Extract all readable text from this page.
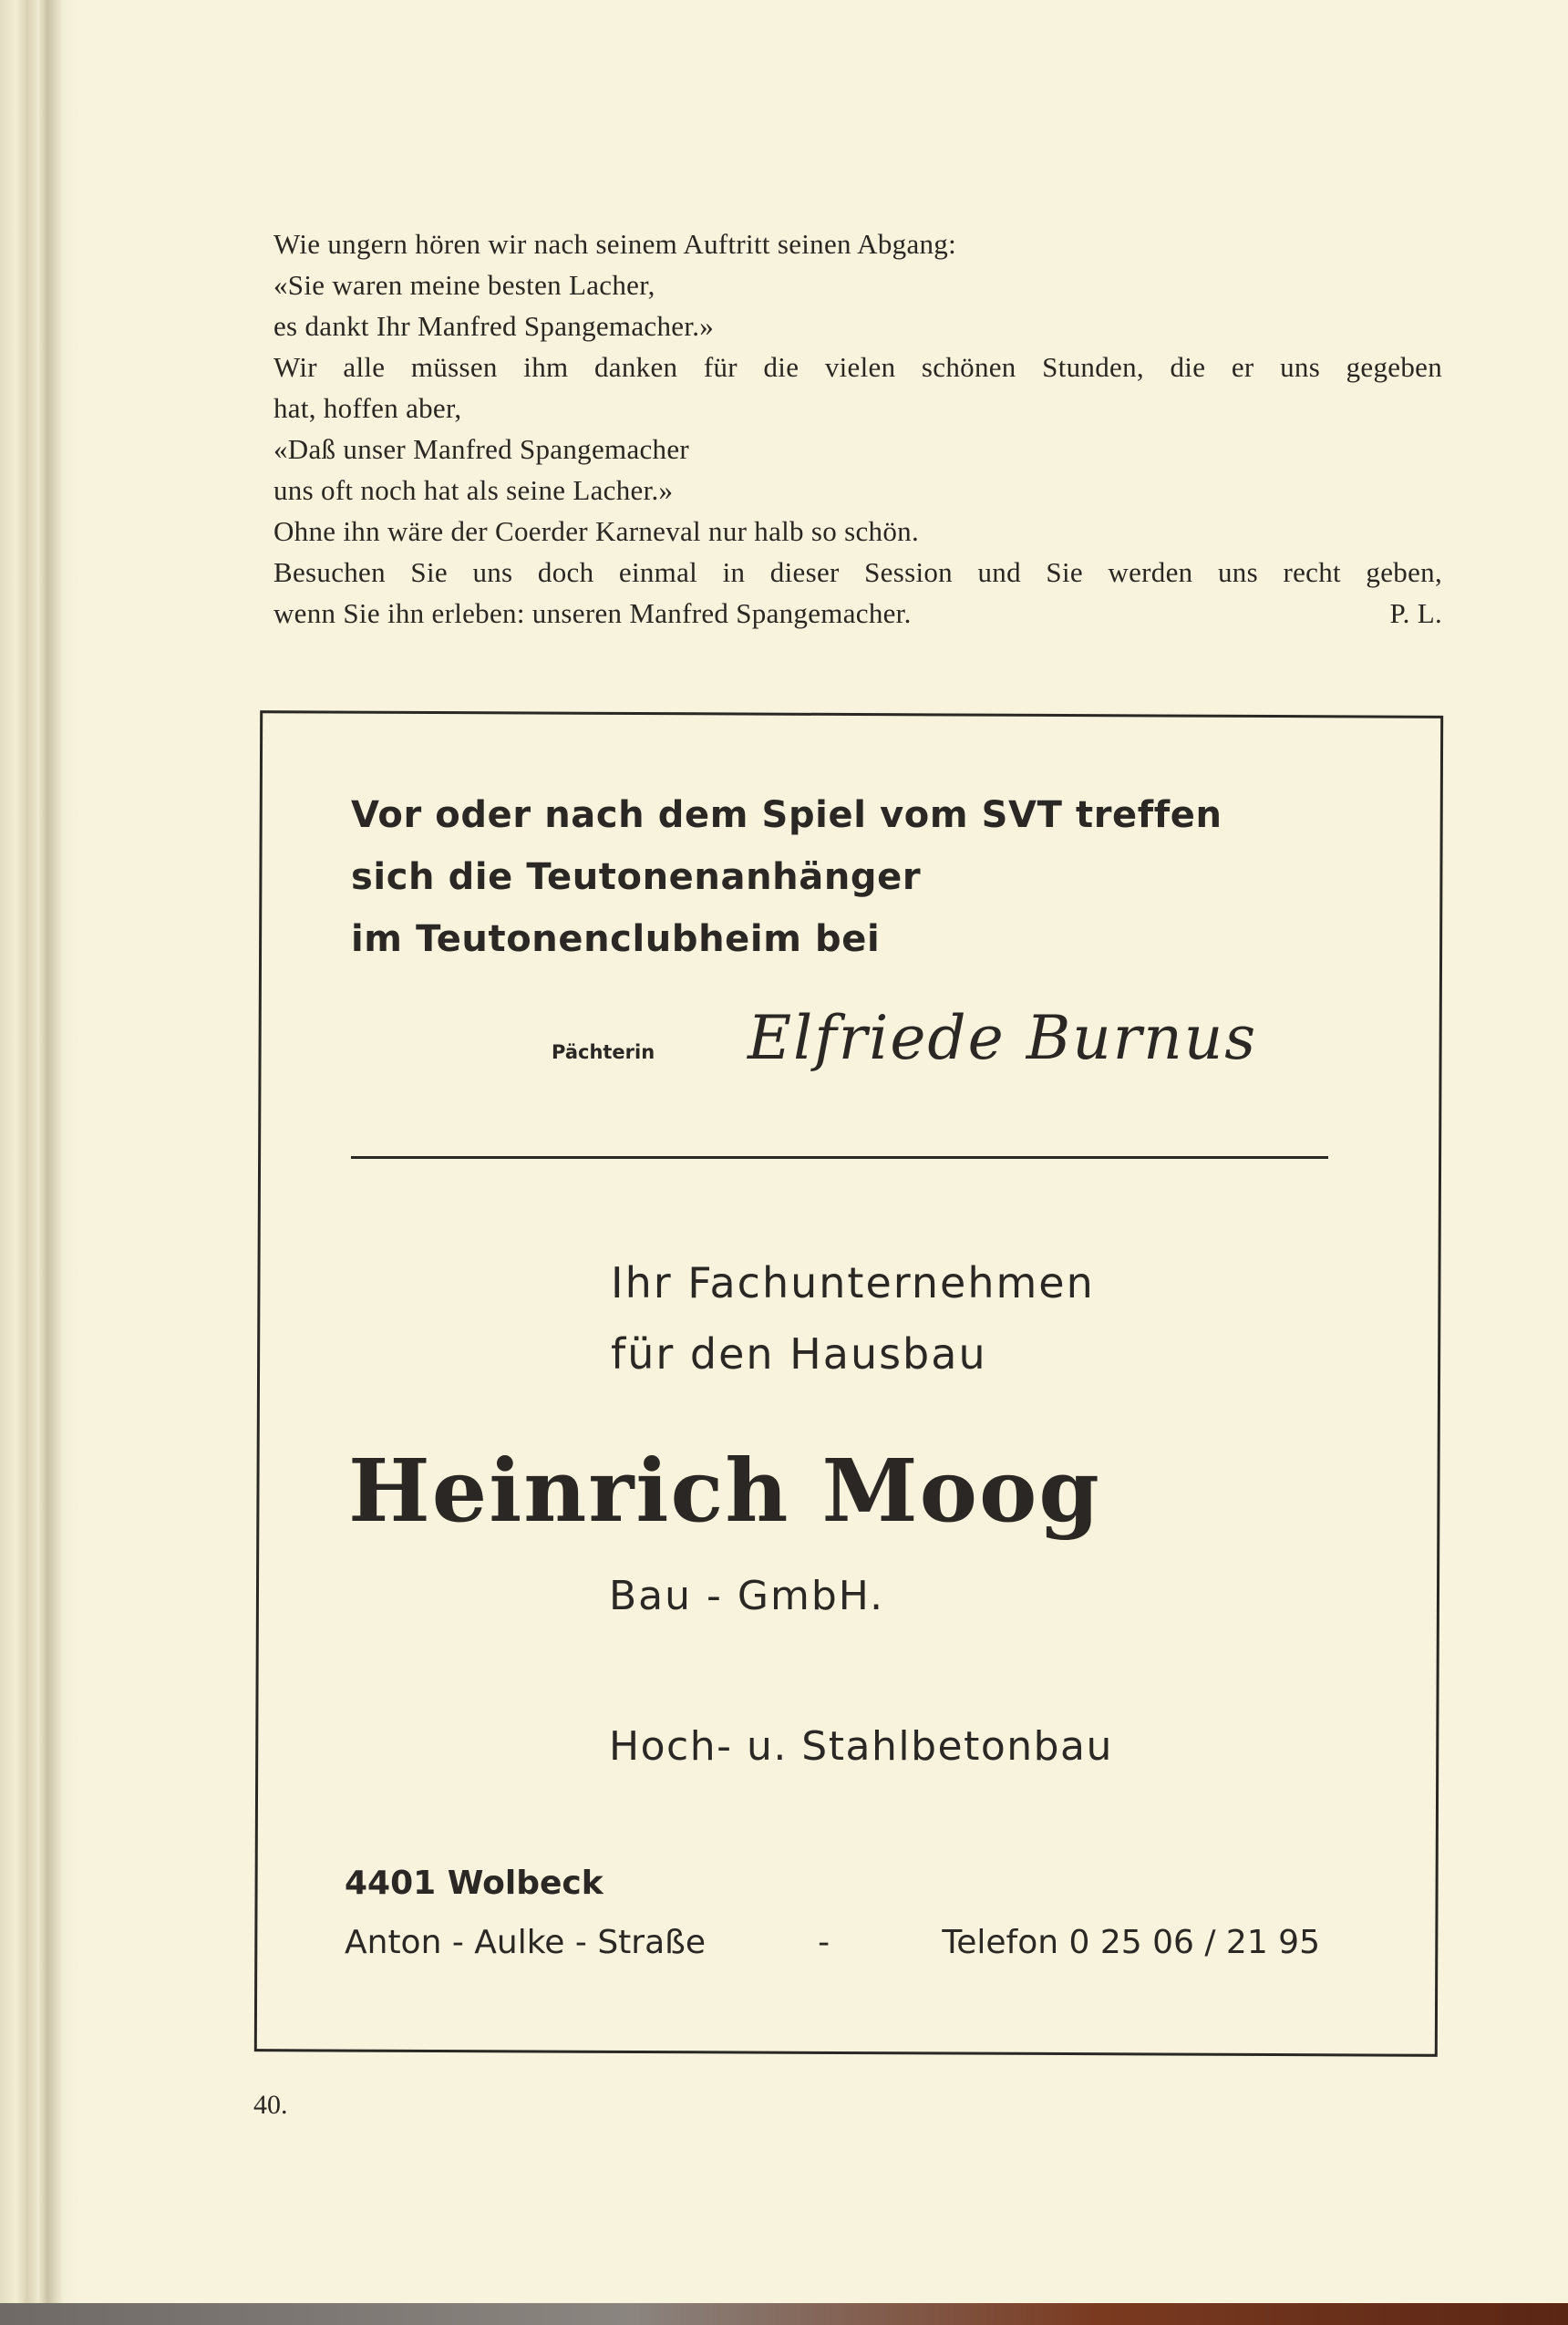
Wie ungern hören wir nach seinem Auftritt seinen Abgang:

«Sie waren meine besten Lacher,

es dankt Ihr Manfred Spangemacher.»

Wir alle müssen ihm danken für die vielen schönen Stunden, die er uns gegeben

hat, hoffen aber,

«Daß unser Manfred Spangemacher

uns oft noch hat als seine Lacher.»

Ohne ihn wäre der Coerder Karneval nur halb so schön.

Besuchen Sie uns doch einmal in dieser Session und Sie werden uns recht geben,

wenn Sie ihn erleben: unseren Manfred Spangemacher.	P. L.
Vor oder nach dem Spiel vom SVT treffen
sich die Teutonenanhänger
im Teutonenclubheim bei
Pächterin Elfriede Burnus
Ihr Fachunternehmen
für den Hausbau
Heinrich Moog
Bau - GmbH.
Hoch- u. Stahlbetonbau
4401 Wolbeck
Anton - Aulke - Straße	-	Telefon 0 25 06 / 21 95
40.
